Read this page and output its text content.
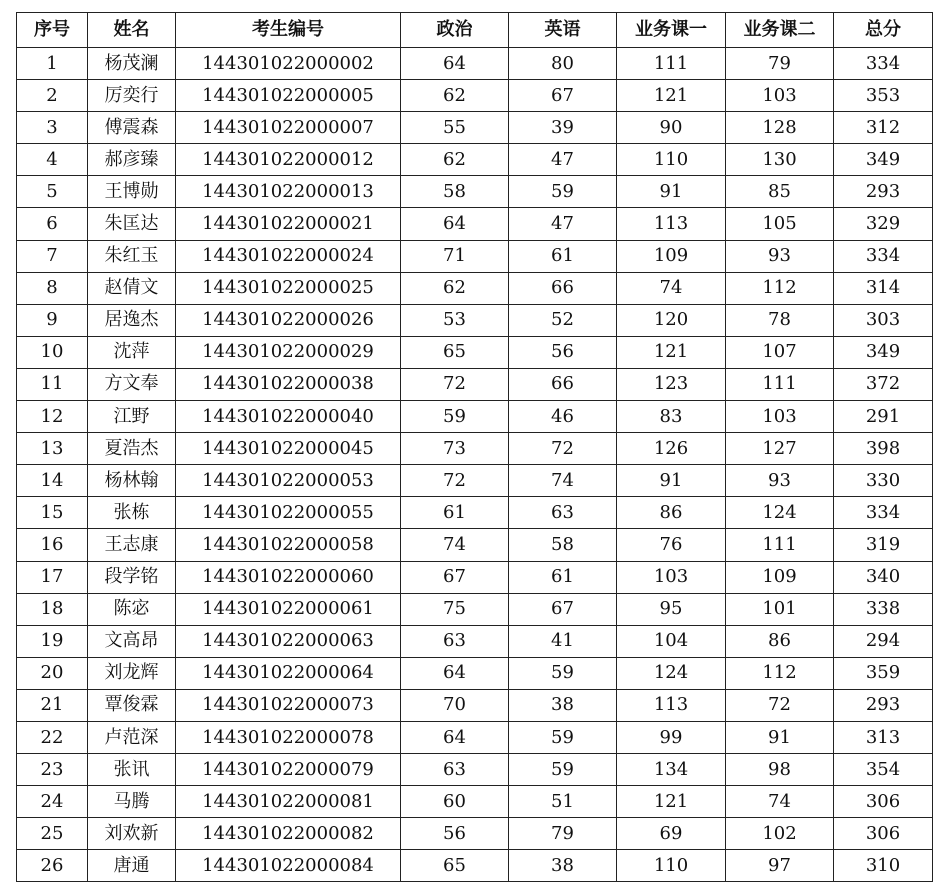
序号	姓名	考生编号	政治	英语	业务课一	业务课二	总分
1	杨茂澜	144301022000002	64	80	111	79	334
2	厉奕行	144301022000005	62	67	121	103	353
3	傅震森	144301022000007	55	39	90	128	312
4	郝彦臻	144301022000012	62	47	110	130	349
5	王博勋	144301022000013	58	59	91	85	293
6	朱匡达	144301022000021	64	47	113	105	329
7	朱红玉	144301022000024	71	61	109	93	334
8	赵倩文	144301022000025	62	66	74	112	314
9	居逸杰	144301022000026	53	52	120	78	303
10	沈萍	144301022000029	65	56	121	107	349
11	方文奉	144301022000038	72	66	123	111	372
12	江野	144301022000040	59	46	83	103	291
13	夏浩杰	144301022000045	73	72	126	127	398
14	杨林翰	144301022000053	72	74	91	93	330
15	张栋	144301022000055	61	63	86	124	334
16	王志康	144301022000058	74	58	76	111	319
17	段学铭	144301022000060	67	61	103	109	340
18	陈宓	144301022000061	75	67	95	101	338
19	文高昂	144301022000063	63	41	104	86	294
20	刘龙辉	144301022000064	64	59	124	112	359
21	覃俊霖	144301022000073	70	38	113	72	293
22	卢范深	144301022000078	64	59	99	91	313
23	张讯	144301022000079	63	59	134	98	354
24	马腾	144301022000081	60	51	121	74	306
25	刘欢新	144301022000082	56	79	69	102	306
26	唐通	144301022000084	65	38	110	97	310
